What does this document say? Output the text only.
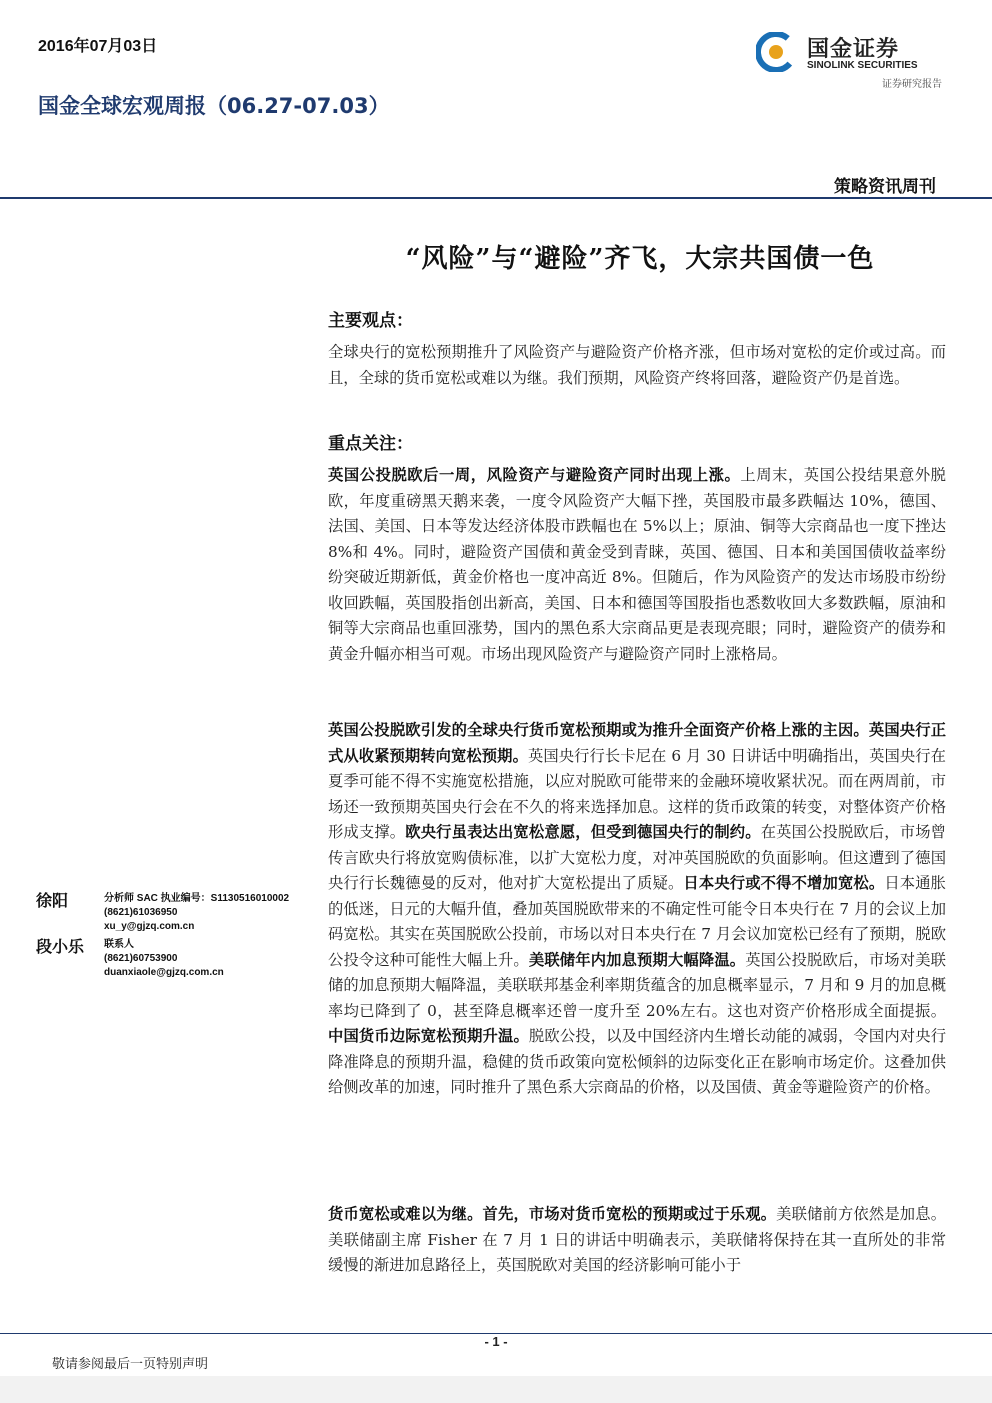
2016年07月03日	国金证券
SINOLINK SECURITIES
证券研究报告
国金全球宏观周报（06.27-07.03）
策略资讯周刊
“风险”与“避险”齐飞，大宗共国债一色
主要观点：
全球央行的宽松预期推升了风险资产与避险资产价格齐涨，但市场对宽松的定价或过高。而且，全球的货币宽松或难以为继。我们预期，风险资产终将回落，避险资产仍是首选。
重点关注：
英国公投脱欧后一周，风险资产与避险资产同时出现上涨。上周末，英国公投结果意外脱欧，年度重磅黑天鹅来袭，一度令风险资产大幅下挫，英国股市最多跌幅达 10%，德国、法国、美国、日本等发达经济体股市跌幅也在 5%以上；原油、铜等大宗商品也一度下挫达 8%和 4%。同时，避险资产国债和黄金受到青睐，英国、德国、日本和美国国债收益率纷纷突破近期新低，黄金价格也一度冲高近 8%。但随后，作为风险资产的发达市场股市纷纷收回跌幅，英国股指创出新高，美国、日本和德国等国股指也悉数收回大多数跌幅，原油和铜等大宗商品也重回涨势，国内的黑色系大宗商品更是表现亮眼；同时，避险资产的债券和黄金升幅亦相当可观。市场出现风险资产与避险资产同时上涨格局。
英国公投脱欧引发的全球央行货币宽松预期或为推升全面资产价格上涨的主因。英国央行正式从收紧预期转向宽松预期。英国央行行长卡尼在 6 月 30 日讲话中明确指出，英国央行在夏季可能不得不实施宽松措施，以应对脱欧可能带来的金融环境收紧状况。而在两周前，市场还一致预期英国央行会在不久的将来选择加息。这样的货币政策的转变，对整体资产价格形成支撑。欧央行虽表达出宽松意愿，但受到德国央行的制约。在英国公投脱欧后，市场曾传言欧央行将放宽购债标准，以扩大宽松力度，对冲英国脱欧的负面影响。但这遭到了德国央行行长魏德曼的反对，他对扩大宽松提出了质疑。日本央行或不得不增加宽松。日本通胀的低迷，日元的大幅升值，叠加英国脱欧带来的不确定性可能令日本央行在 7 月的会议上加码宽松。其实在英国脱欧公投前，市场以对日本央行在 7 月会议加宽松已经有了预期，脱欧公投令这种可能性大幅上升。美联储年内加息预期大幅降温。英国公投脱欧后，市场对美联储的加息预期大幅降温，美联联邦基金利率期货蕴含的加息概率显示，7 月和 9 月的加息概率均已降到了 0，甚至降息概率还曾一度升至 20%左右。这也对资产价格形成全面提振。中国货币边际宽松预期升温。脱欧公投，以及中国经济内生增长动能的减弱，令国内对央行降准降息的预期升温，稳健的货币政策向宽松倾斜的边际变化正在影响市场定价。这叠加供给侧改革的加速，同时推升了黑色系大宗商品的价格，以及国债、黄金等避险资产的价格。
货币宽松或难以为继。首先，市场对货币宽松的预期或过于乐观。美联储前方依然是加息。美联储副主席 Fisher 在 7 月 1 日的讲话中明确表示，美联储将保持在其一直所处的非常缓慢的渐进加息路径上，英国脱欧对美国的经济影响可能小于
徐阳	分析师 SAC 执业编号：S1130516010002
(8621)61036950
xu_y@gjzq.com.cn
段小乐 联系人
(8621)60753900
duanxiaole@gjzq.com.cn
- 1 -
敬请参阅最后一页特别声明
